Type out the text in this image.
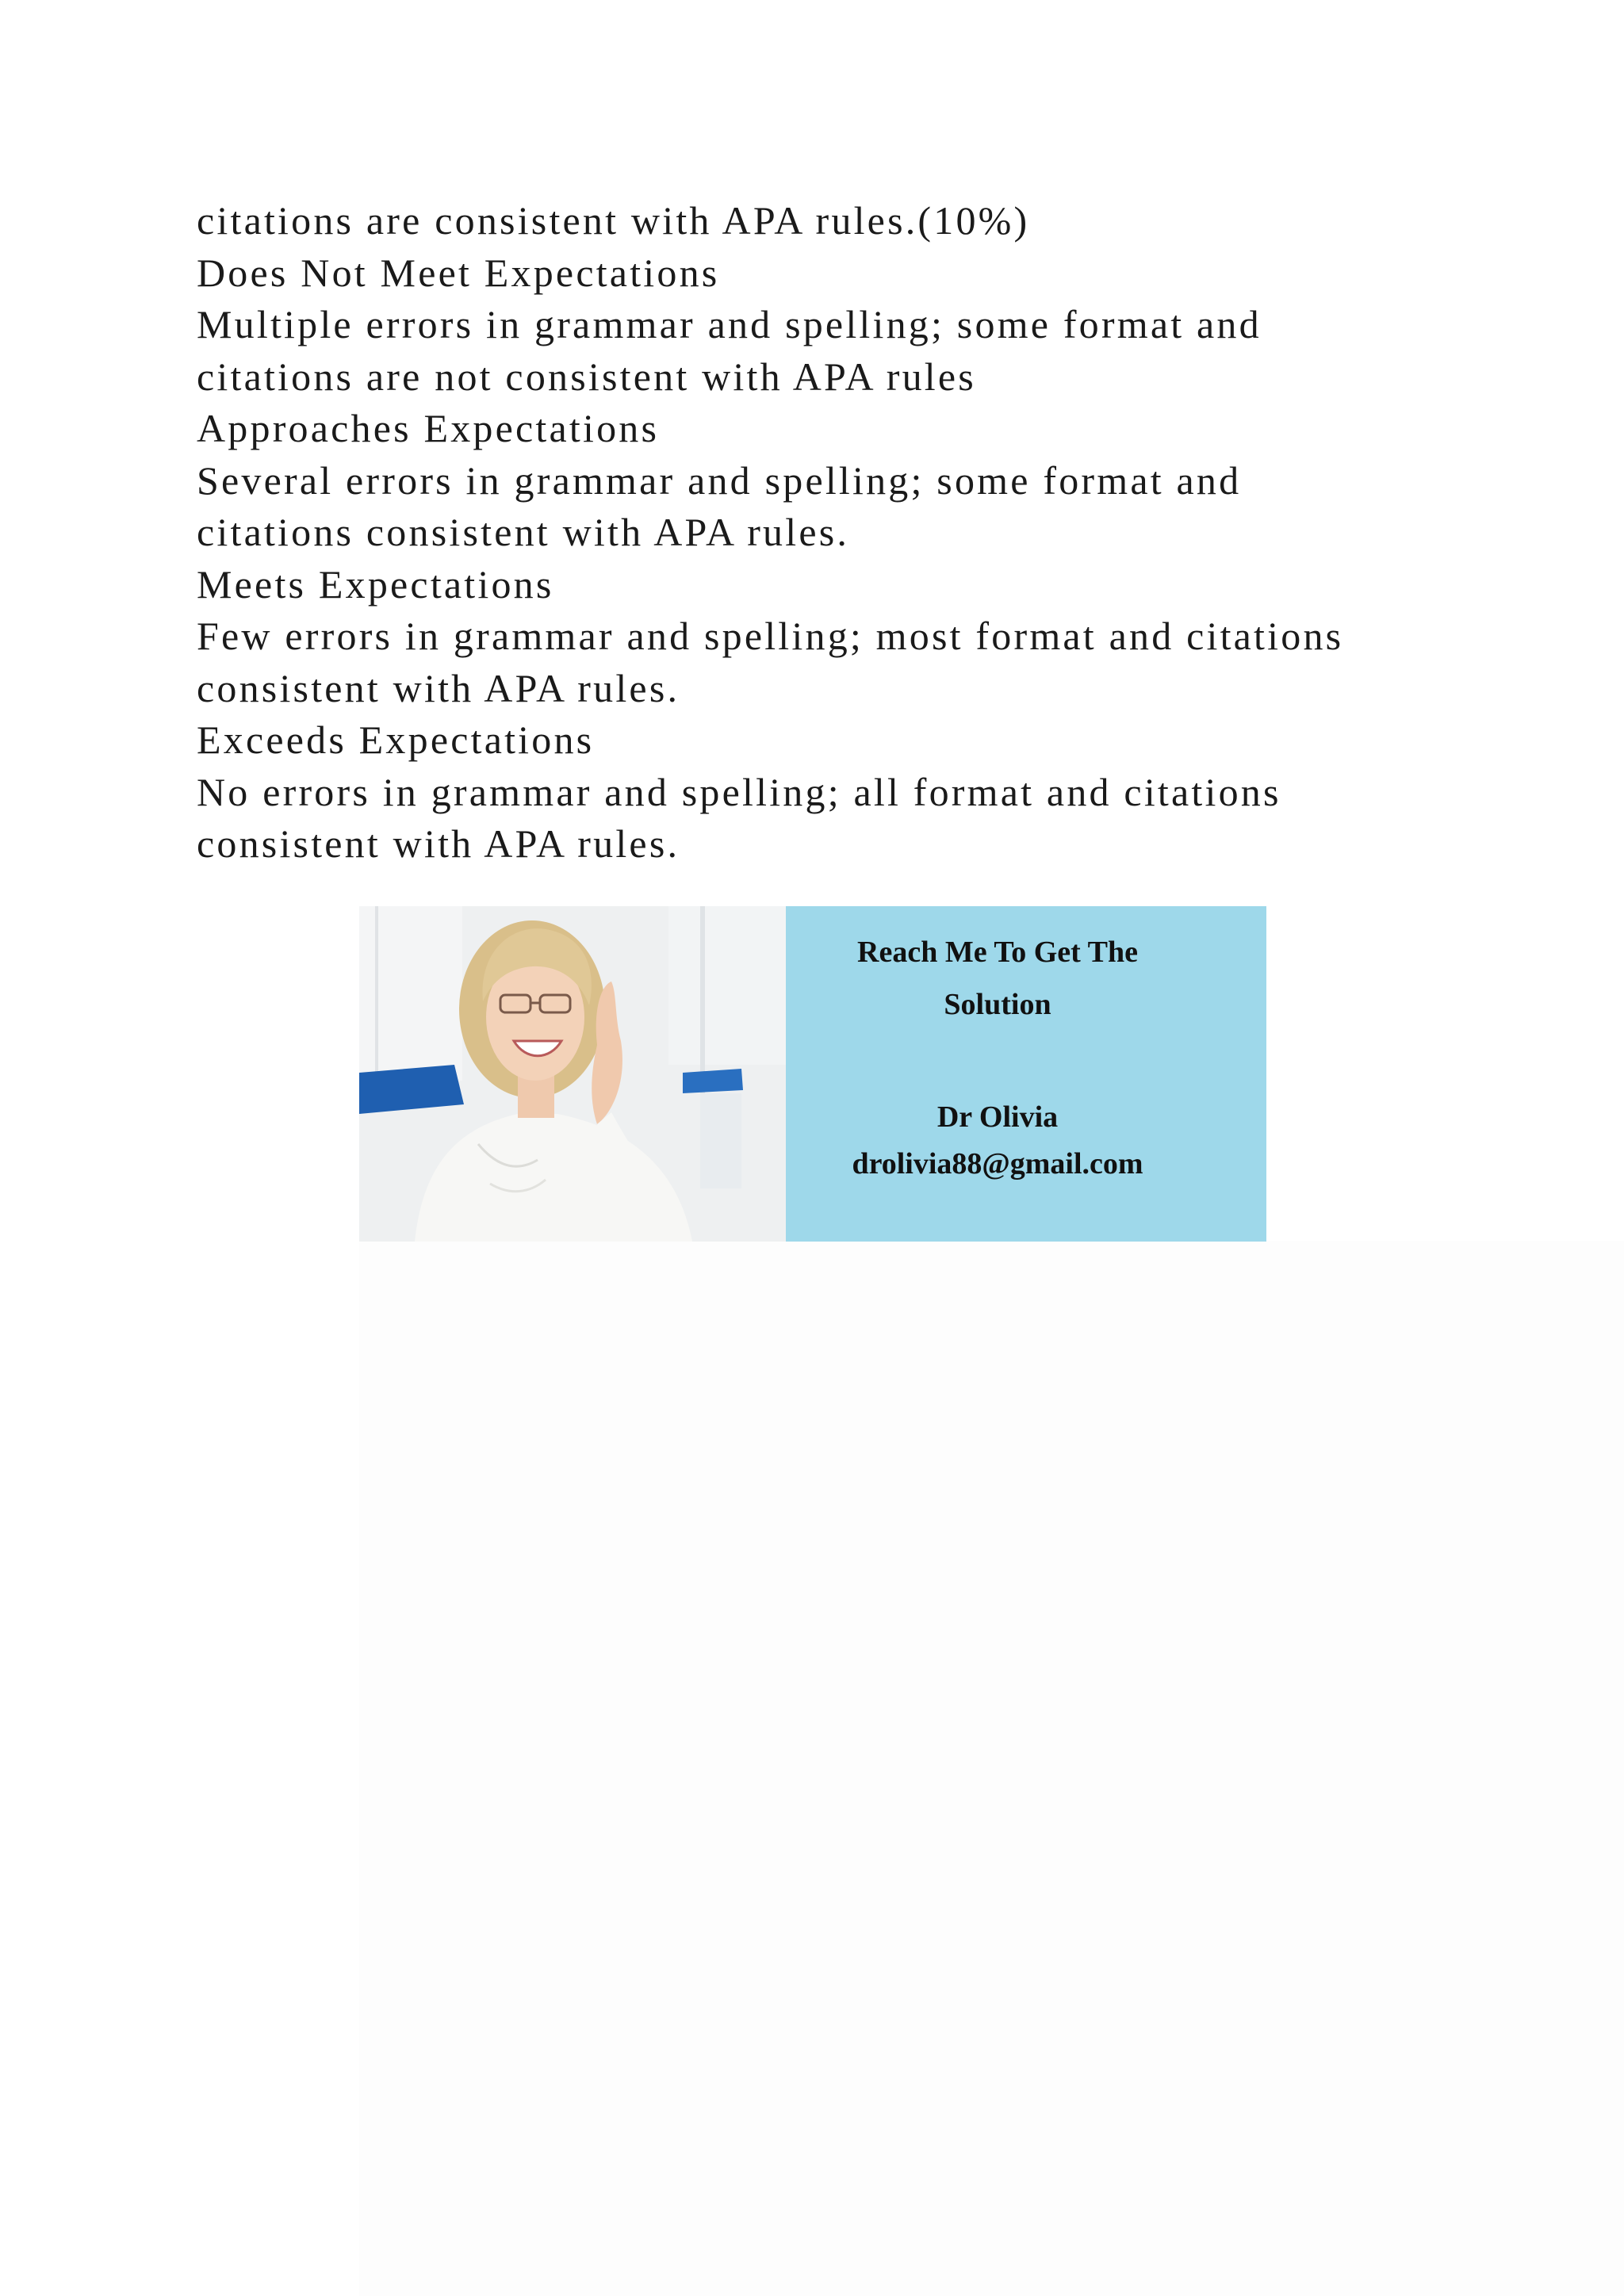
citations are consistent with APA rules.(10%)
Does Not Meet Expectations
Multiple errors in grammar and spelling; some format and
citations are not consistent with APA rules
Approaches Expectations
Several errors in grammar and spelling; some format and
citations consistent with APA rules.
Meets Expectations
Few errors in grammar and spelling; most format and citations
consistent with APA rules.
Exceeds Expectations
No errors in grammar and spelling; all format and citations
consistent with APA rules.
Reach Me To Get The
Solution
Dr Olivia
drolivia88@gmail.com
